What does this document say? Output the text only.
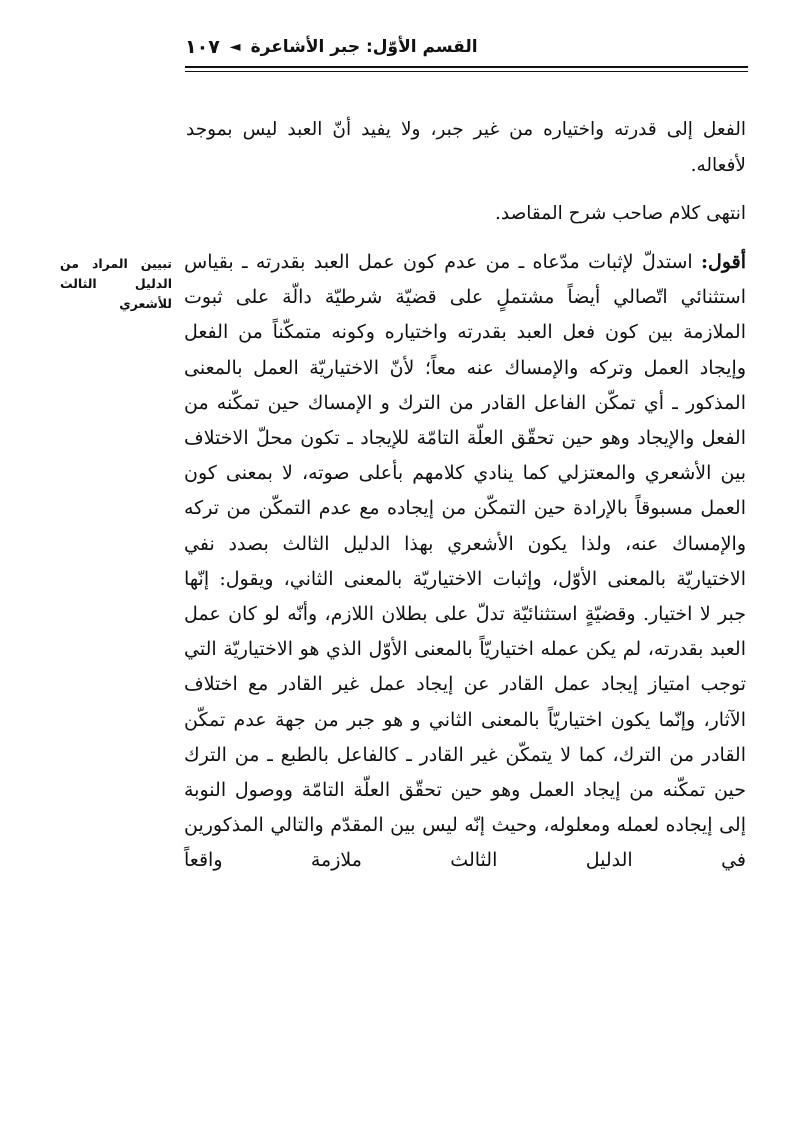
القسم الأوّل: جبر الأشاعرة
◄
١٠٧

الفعل إلى قدرته واختياره من غير جبر، ولا يفيد أنّ العبد ليس بموجد لأفعاله.

انتهى كلام صاحب شرح المقاصد.

أقول: استدلّ لإثبات مدّعاه ـ من عدم كون عمل العبد بقدرته ـ بقياس استثنائي اتّصالي أيضاً مشتملٍ على قضيّة شرطيّة دالّة على ثبوت الملازمة بين كون فعل العبد بقدرته واختياره وكونه متمكّناً من الفعل وإيجاد العمل وتركه والإمساك عنه معاً؛ لأنّ الاختياريّة العمل بالمعنى المذكور ـ أي تمكّن الفاعل القادر من الترك و الإمساك حين تمكّنه من الفعل والإيجاد وهو حين تحقّق العلّة التامّة للإيجاد ـ تكون محلّ الاختلاف بين الأشعري والمعتزلي كما ينادي كلامهم بأعلى صوته، لا بمعنى كون العمل مسبوقاً بالإرادة حين التمكّن من إيجاده مع عدم التمكّن من تركه والإمساك عنه، ولذا يكون الأشعري بهذا الدليل الثالث بصدد نفي الاختياريّة بالمعنى الأوّل، وإثبات الاختياريّة بالمعنى الثاني، ويقول: إنّها جبر لا اختيار. وقضيّةٍ استثنائيّة تدلّ على بطلان اللازم، وأنّه لو كان عمل العبد بقدرته، لم يكن عمله اختياريّاً بالمعنى الأوّل الذي هو الاختياريّة التي توجب امتياز إيجاد عمل القادر عن إيجاد عمل غير القادر مع اختلاف الآثار، وإنّما يكون اختياريّاً بالمعنى الثاني و هو جبر من جهة عدم تمكّن القادر من الترك، كما لا يتمكّن غير القادر ـ كالفاعل بالطبع ـ من الترك حين تمكّنه من إيجاد العمل وهو حين تحقّق العلّة التامّة ووصول النوبة إلى إيجاده لعمله ومعلوله، وحيث إنّه ليس بين المقدّم والتالي المذكورين في الدليل الثالث ملازمة واقعاً
تبيين المراد من الدليل الثالث للأشعري
